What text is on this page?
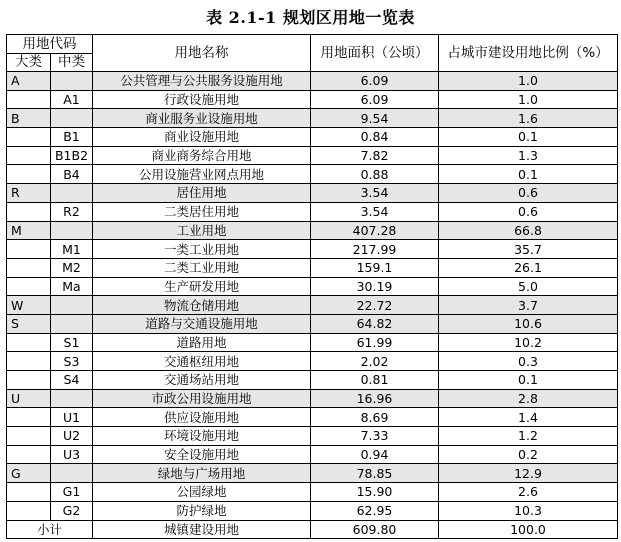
表 2.1-1 规划区用地一览表
用地代码		用地名称	用地面积（公顷）	占城市建设用地比例（%）
大类	中类			
A		公共管理与公共服务设施用地	6.09	1.0
	A1	行政设施用地	6.09	1.0
B		商业服务业设施用地	9.54	1.6
	B1	商业设施用地	0.84	0.1
	B1B2	商业商务综合用地	7.82	1.3
	B4	公用设施营业网点用地	0.88	0.1
R		居住用地	3.54	0.6
	R2	二类居住用地	3.54	0.6
M		工业用地	407.28	66.8
	M1	一类工业用地	217.99	35.7
	M2	二类工业用地	159.1	26.1
	Ma	生产研发用地	30.19	5.0
W		物流仓储用地	22.72	3.7
S		道路与交通设施用地	64.82	10.6
	S1	道路用地	61.99	10.2
	S3	交通枢纽用地	2.02	0.3
	S4	交通场站用地	0.81	0.1
U		市政公用设施用地	16.96	2.8
	U1	供应设施用地	8.69	1.4
	U2	环境设施用地	7.33	1.2
	U3	安全设施用地	0.94	0.2
G		绿地与广场用地	78.85	12.9
	G1	公园绿地	15.90	2.6
	G2	防护绿地	62.95	10.3
小计		城镇建设用地	609.80	100.0
